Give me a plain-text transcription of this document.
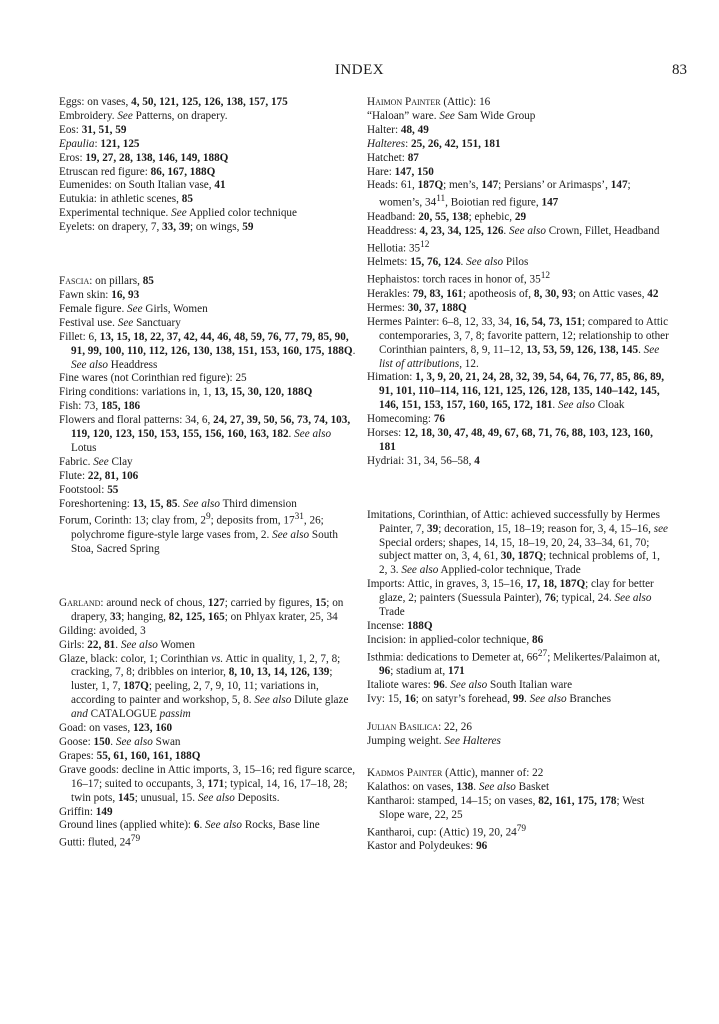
INDEX	83

Eggs: on vases, 4, 50, 121, 125, 126, 138, 157, 175

Embroidery. See Patterns, on drapery.

Eos: 31, 51, 59

Epaulia: 121, 125

Eros: 19, 27, 28, 138, 146, 149, 188Q

Etruscan red figure: 86, 167, 188Q

Eumenides: on South Italian vase, 41

Eutukia: in athletic scenes, 85

Experimental technique. See Applied color technique

Eyelets: on drapery, 7, 33, 39; on wings, 59

Fascia: on pillars, 85

Fawn skin: 16, 93

Female figure. See Girls, Women

Festival use. See Sanctuary

Fillet: 6, 13, 15, 18, 22, 37, 42, 44, 46, 48, 59, 76, 77, 79, 85, 90, 91, 99, 100, 110, 112, 126, 130, 138, 151, 153, 160, 175, 188Q. See also Headdress

Fine wares (not Corinthian red figure): 25

Firing conditions: variations in, 1, 13, 15, 30, 120, 188Q

Fish: 73, 185, 186

Flowers and floral patterns: 34, 6, 24, 27, 39, 50, 56, 73, 74, 103, 119, 120, 123, 150, 153, 155, 156, 160, 163, 182. See also Lotus

Fabric. See Clay

Flute: 22, 81, 106

Footstool: 55

Foreshortening: 13, 15, 85. See also Third dimension

Forum, Corinth: 13; clay from, $2^9$; deposits from, $17^{31}$, 26; polychrome figure-style large vases from, 2. See also South Stoa, Sacred Spring

Garland: around neck of chous, 127; carried by figures, 15; on drapery, 33; hanging, 82, 125, 165; on Phlyax krater, 25, 34

Gilding: avoided, 3

Girls: 22, 81. See also Women

Glaze, black: color, 1; Corinthian vs. Attic in quality, 1, 2, 7, 8; cracking, 7, 8; dribbles on interior, 8, 10, 13, 14, 126, 139; luster, 1, 7, 187Q; peeling, 2, 7, 9, 10, 11; variations in, according to painter and workshop, 5, 8. See also Dilute glaze and CATALOGUE passim

Goad: on vases, 123, 160

Goose: 150. See also Swan

Grapes: 55, 61, 160, 161, 188Q

Grave goods: decline in Attic imports, 3, 15–16; red figure scarce, 16–17; suited to occupants, 3, 171; typical, 14, 16, 17–18, 28; twin pots, 145; unusual, 15. See also Deposits.

Griffin: 149

Ground lines (applied white): 6. See also Rocks, Base line

Gutti: fluted, $24^{79}$

Haimon Painter (Attic): 16

“Haloan” ware. See Sam Wide Group

Halter: 48, 49

Halteres: 25, 26, 42, 151, 181

Hatchet: 87

Hare: 147, 150

Heads: 61, 187Q; men’s, 147; Persians’ or Arimasps’, 147; women’s, $34^{11}$, Boiotian red figure, 147

Headband: 20, 55, 138; ephebic, 29

Headdress: 4, 23, 34, 125, 126. See also Crown, Fillet, Headband

Hellotia: $35^{12}$

Helmets: 15, 76, 124. See also Pilos

Hephaistos: torch races in honor of, $35^{12}$

Herakles: 79, 83, 161; apotheosis of, 8, 30, 93; on Attic vases, 42

Hermes: 30, 37, 188Q

Hermes Painter: 6–8, 12, 33, 34, 16, 54, 73, 151; compared to Attic contemporaries, 3, 7, 8; favorite pattern, 12; relationship to other Corinthian painters, 8, 9, 11–12, 13, 53, 59, 126, 138, 145. See list of attributions, 12.

Himation: 1, 3, 9, 20, 21, 24, 28, 32, 39, 54, 64, 76, 77, 85, 86, 89, 91, 101, 110–114, 116, 121, 125, 126, 128, 135, 140–142, 145, 146, 151, 153, 157, 160, 165, 172, 181. See also Cloak

Homecoming: 76

Horses: 12, 18, 30, 47, 48, 49, 67, 68, 71, 76, 88, 103, 123, 160, 181

Hydriai: 31, 34, 56–58, 4

Imitations, Corinthian, of Attic: achieved successfully by Hermes Painter, 7, 39; decoration, 15, 18–19; reason for, 3, 4, 15–16, see Special orders; shapes, 14, 15, 18–19, 20, 24, 33–34, 61, 70; subject matter on, 3, 4, 61, 30, 187Q; technical problems of, 1, 2, 3. See also Applied-color technique, Trade

Imports: Attic, in graves, 3, 15–16, 17, 18, 187Q; clay for better glaze, 2; painters (Suessula Painter), 76; typical, 24. See also Trade

Incense: 188Q

Incision: in applied-color technique, 86

Isthmia: dedications to Demeter at, $66^{27}$; Melikertes/Palaimon at, 96; stadium at, 171

Italiote wares: 96. See also South Italian ware

Ivy: 15, 16; on satyr’s forehead, 99. See also Branches

Julian Basilica: 22, 26

Jumping weight. See Halteres

Kadmos Painter (Attic), manner of: 22

Kalathos: on vases, 138. See also Basket

Kantharoi: stamped, 14–15; on vases, 82, 161, 175, 178; West Slope ware, 22, 25

Kantharoi, cup: (Attic) 19, 20, $24^{79}$

Kastor and Polydeukes: 96
